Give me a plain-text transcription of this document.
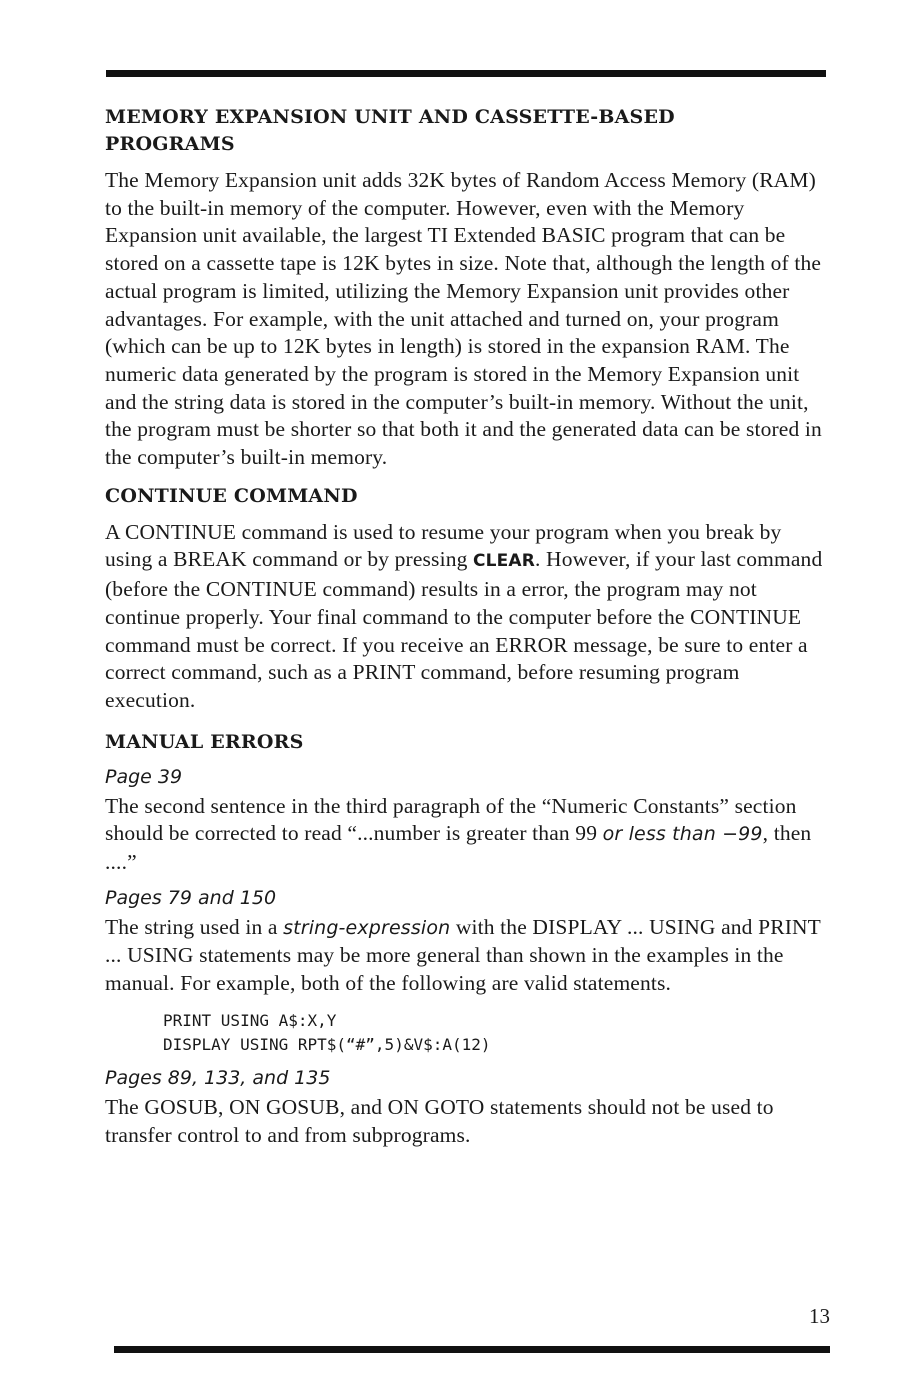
MEMORY EXPANSION UNIT AND CASSETTE-BASED PROGRAMS

The Memory Expansion unit adds 32K bytes of Random Access Memory (RAM) to the built-in memory of the computer. However, even with the Memory Expansion unit available, the largest TI Extended BASIC program that can be stored on a cassette tape is 12K bytes in size. Note that, although the length of the actual program is limited, utilizing the Memory Expansion unit provides other advantages. For example, with the unit attached and turned on, your program (which can be up to 12K bytes in length) is stored in the expansion RAM. The numeric data generated by the program is stored in the Memory Expansion unit and the string data is stored in the computer’s built-in memory. Without the unit, the program must be shorter so that both it and the generated data can be stored in the computer’s built-in memory.

CONTINUE COMMAND

A CONTINUE command is used to resume your program when you break by using a BREAK command or by pressing CLEAR. However, if your last command (before the CONTINUE command) results in a error, the program may not continue properly. Your final command to the computer before the CONTINUE command must be correct. If you receive an ERROR message, be sure to enter a correct command, such as a PRINT command, before resuming program execution.

MANUAL ERRORS
Page 39

The second sentence in the third paragraph of the “Numeric Constants” section should be corrected to read “...number is greater than 99 or less than −99, then ....”

Pages 79 and 150

The string used in a string-expression with the DISPLAY ... USING and PRINT ... USING statements may be more general than shown in the examples in the manual. For example, both of the following are valid statements.

PRINT USING A$:X,Y
DISPLAY USING RPT$(“#”,5)&V$:A(12)
Pages 89, 133, and 135

The GOSUB, ON GOSUB, and ON GOTO statements should not be used to transfer control to and from subprograms.

13
